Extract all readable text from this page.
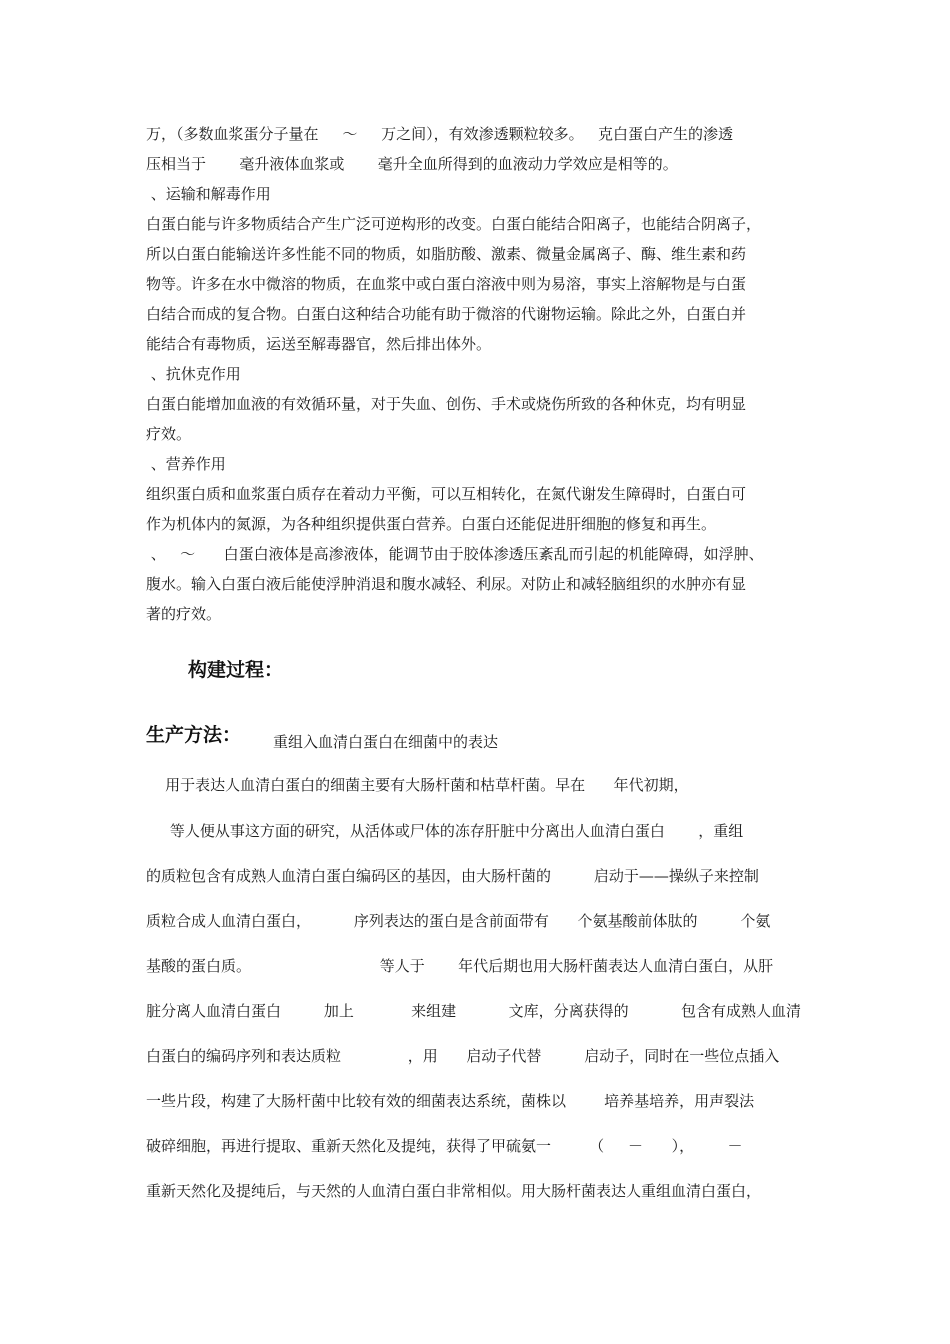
万，（多数血浆蛋分子量在     ～     万之间），有效渗透颗粒较多。   克白蛋白产生的渗透
压相当于       毫升液体血浆或       毫升全血所得到的血液动力学效应是相等的。
、运输和解毒作用
白蛋白能与许多物质结合产生广泛可逆构形的改变。白蛋白能结合阳离子，也能结合阴离子，
所以白蛋白能输送许多性能不同的物质，如脂肪酸、激素、微量金属离子、酶、维生素和药
物等。许多在水中微溶的物质，在血浆中或白蛋白溶液中则为易溶，事实上溶解物是与白蛋
白结合而成的复合物。白蛋白这种结合功能有助于微溶的代谢物运输。除此之外，白蛋白并
能结合有毒物质，运送至解毒器官，然后排出体外。
、抗休克作用
白蛋白能增加血液的有效循环量，对于失血、创伤、手术或烧伤所致的各种休克，均有明显
疗效。
、营养作用
组织蛋白质和血浆蛋白质存在着动力平衡，可以互相转化，在氮代谢发生障碍时，白蛋白可
作为机体内的氮源，为各种组织提供蛋白营养。白蛋白还能促进肝细胞的修复和再生。
、   ～      白蛋白液体是高渗液体，能调节由于胶体渗透压紊乱而引起的机能障碍，如浮肿、
腹水。输入白蛋白液后能使浮肿消退和腹水减轻、利尿。对防止和减轻脑组织的水肿亦有显
著的疗效。
构建过程：
生产方法： 重组入血清白蛋白在细菌中的表达
用于表达人血清白蛋白的细菌主要有大肠杆菌和枯草杆菌。早在      年代初期，
等人便从事这方面的研究，从活体或尸体的冻存肝脏中分离出人血清白蛋白       ，重组
的质粒包含有成熟人血清白蛋白编码区的基因，由大肠杆菌的         启动于——操纵子来控制
质粒合成人血清白蛋白，         序列表达的蛋白是含前面带有      个氨基酸前体肽的         个氨
基酸的蛋白质。                           等人于       年代后期也用大肠杆菌表达人血清白蛋白，从肝
脏分离人血清白蛋白         加上            来组建           文库，分离获得的           包含有成熟人血清
白蛋白的编码序列和表达质粒              ，用      启动子代替         启动子，同时在一些位点插入
一些片段，构建了大肠杆菌中比较有效的细菌表达系统，菌株以        培养基培养，用声裂法
破碎细胞，再进行提取、重新天然化及提纯，获得了甲硫氨一        （     －      ），       －
重新天然化及提纯后，与天然的人血清白蛋白非常相似。用大肠杆菌表达人重组血清白蛋白，
